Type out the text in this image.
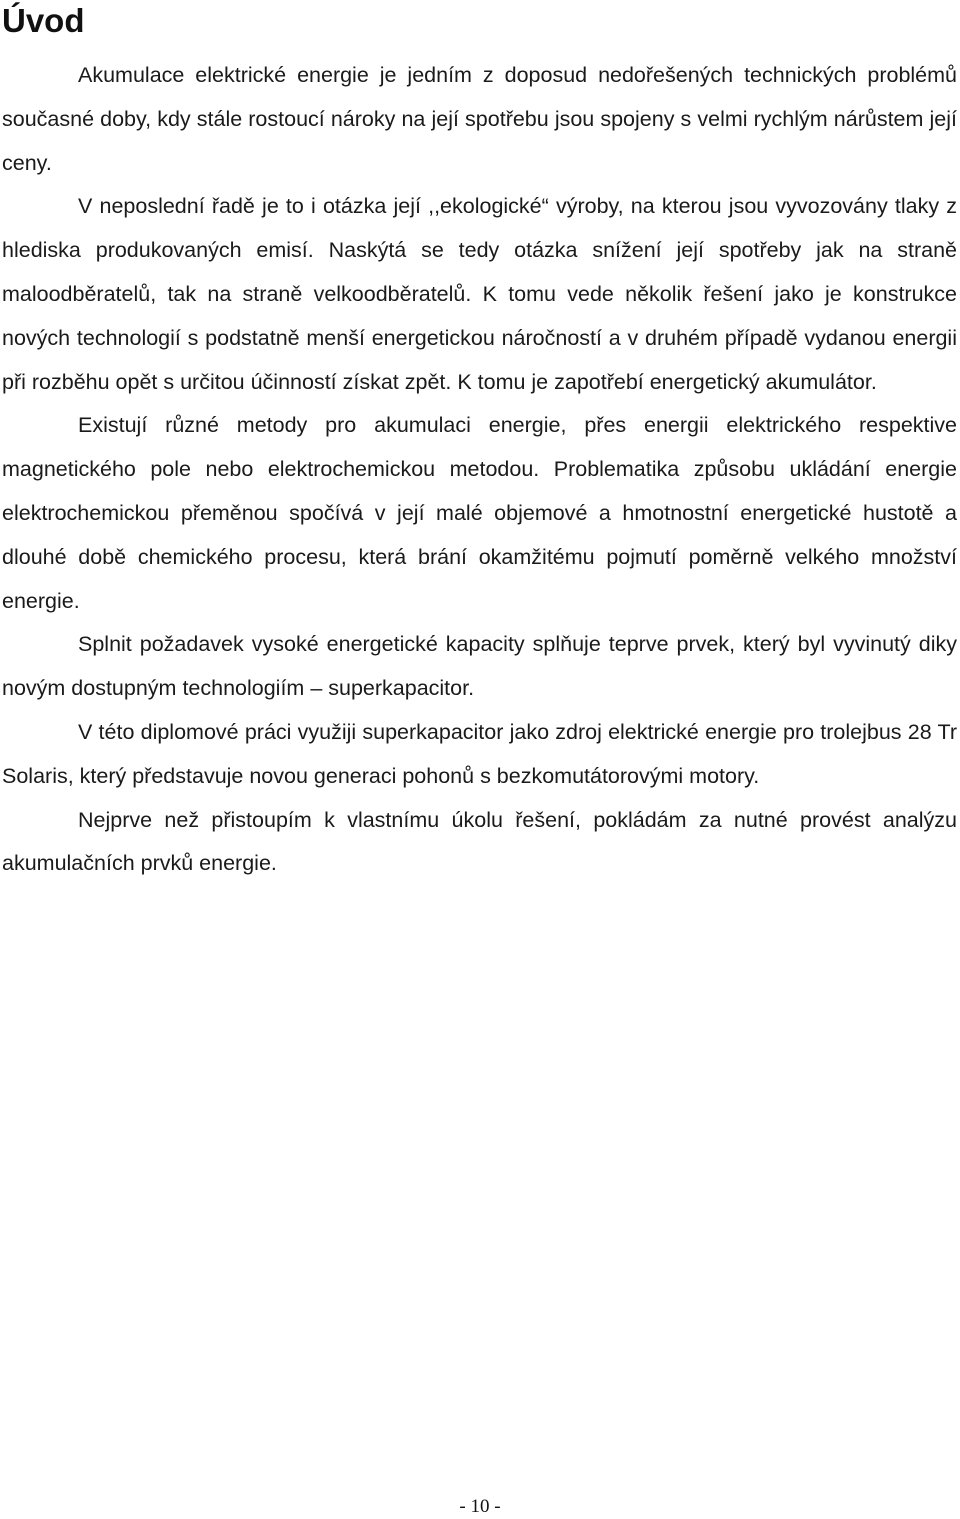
Úvod

Akumulace elektrické energie je jedním z doposud nedořešených technických problémů současné doby, kdy stále rostoucí nároky na její spotřebu jsou spojeny s velmi rychlým nárůstem její ceny.

V neposlední řadě je to i otázka její ,,ekologické“ výroby, na kterou jsou vyvozovány tlaky z hlediska produkovaných emisí. Naskýtá se tedy otázka snížení její spotřeby jak na straně maloodběratelů, tak na straně velkoodběratelů. K tomu vede několik řešení jako je konstrukce nových technologií s podstatně menší energetickou náročností a v druhém případě vydanou energii při rozběhu opět s určitou účinností získat zpět. K tomu je zapotřebí energetický akumulátor.

Existují různé metody pro akumulaci energie, přes energii elektrického respektive magnetického pole nebo elektrochemickou metodou. Problematika způsobu ukládání energie elektrochemickou přeměnou spočívá v její malé objemové a hmotnostní energetické hustotě a dlouhé době chemického procesu, která brání okamžitému pojmutí poměrně velkého množství energie.

Splnit požadavek vysoké energetické kapacity splňuje teprve prvek, který byl vyvinutý diky novým dostupným technologiím – superkapacitor.

V této diplomové práci využiji superkapacitor jako zdroj elektrické energie pro trolejbus 28 Tr Solaris, který představuje novou generaci pohonů s bezkomutátorovými motory.

Nejprve než přistoupím k vlastnímu úkolu řešení, pokládám za nutné provést analýzu akumulačních prvků energie.

- 10 -
